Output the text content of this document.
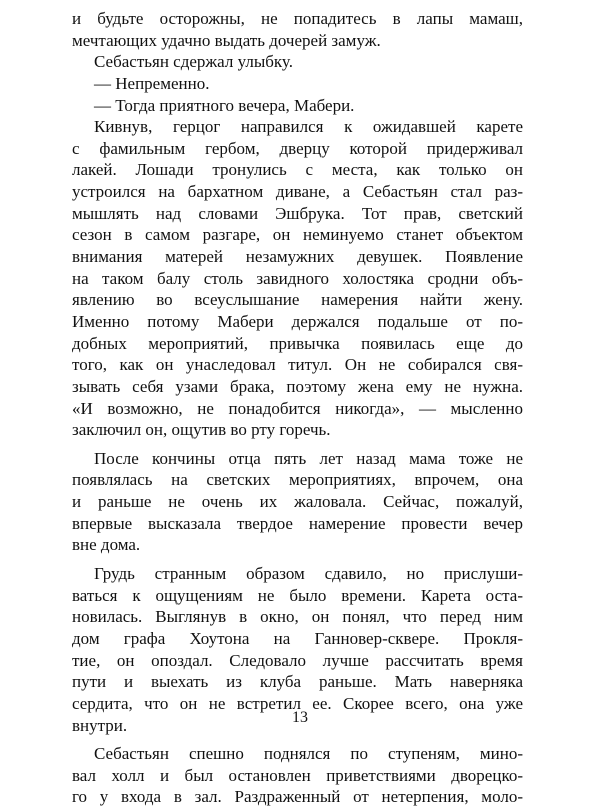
и будьте осторожны, не попадитесь в лапы мамаш,
мечтающих удачно выдать дочерей замуж.
Себастьян сдержал улыбку.
— Непременно.
— Тогда приятного вечера, Мабери.
Кивнув, герцог направился к ожидавшей карете
с фамильным гербом, дверцу которой придерживал
лакей. Лошади тронулись с места, как только он
устроился на бархатном диване, а Себастьян стал раз-
мышлять над словами Эшбрука. Тот прав, светский
сезон в самом разгаре, он неминуемо станет объектом
внимания матерей незамужних девушек. Появление
на таком балу столь завидного холостяка сродни объ-
явлению во всеуслышание намерения найти жену.
Именно потому Мабери держался подальше от по-
добных мероприятий, привычка появилась еще до
того, как он унаследовал титул. Он не собирался свя-
зывать себя узами брака, поэтому жена ему не нужна.
«И возможно, не понадобится никогда», — мысленно
заключил он, ощутив во рту горечь.
После кончины отца пять лет назад мама тоже не
появлялась на светских мероприятиях, впрочем, она
и раньше не очень их жаловала. Сейчас, пожалуй,
впервые высказала твердое намерение провести вечер
вне дома.
Грудь странным образом сдавило, но прислуши-
ваться к ощущениям не было времени. Карета оста-
новилась. Выглянув в окно, он понял, что перед ним
дом графа Хоутона на Ганновер-сквере. Прокля-
тие, он опоздал. Следовало лучше рассчитать время
пути и выехать из клуба раньше. Мать наверняка
сердита, что он не встретил ее. Скорее всего, она уже
внутри.
Себастьян спешно поднялся по ступеням, мино-
вал холл и был остановлен приветствиями дворецко-
го у входа в зал. Раздраженный от нетерпения, моло-
13
